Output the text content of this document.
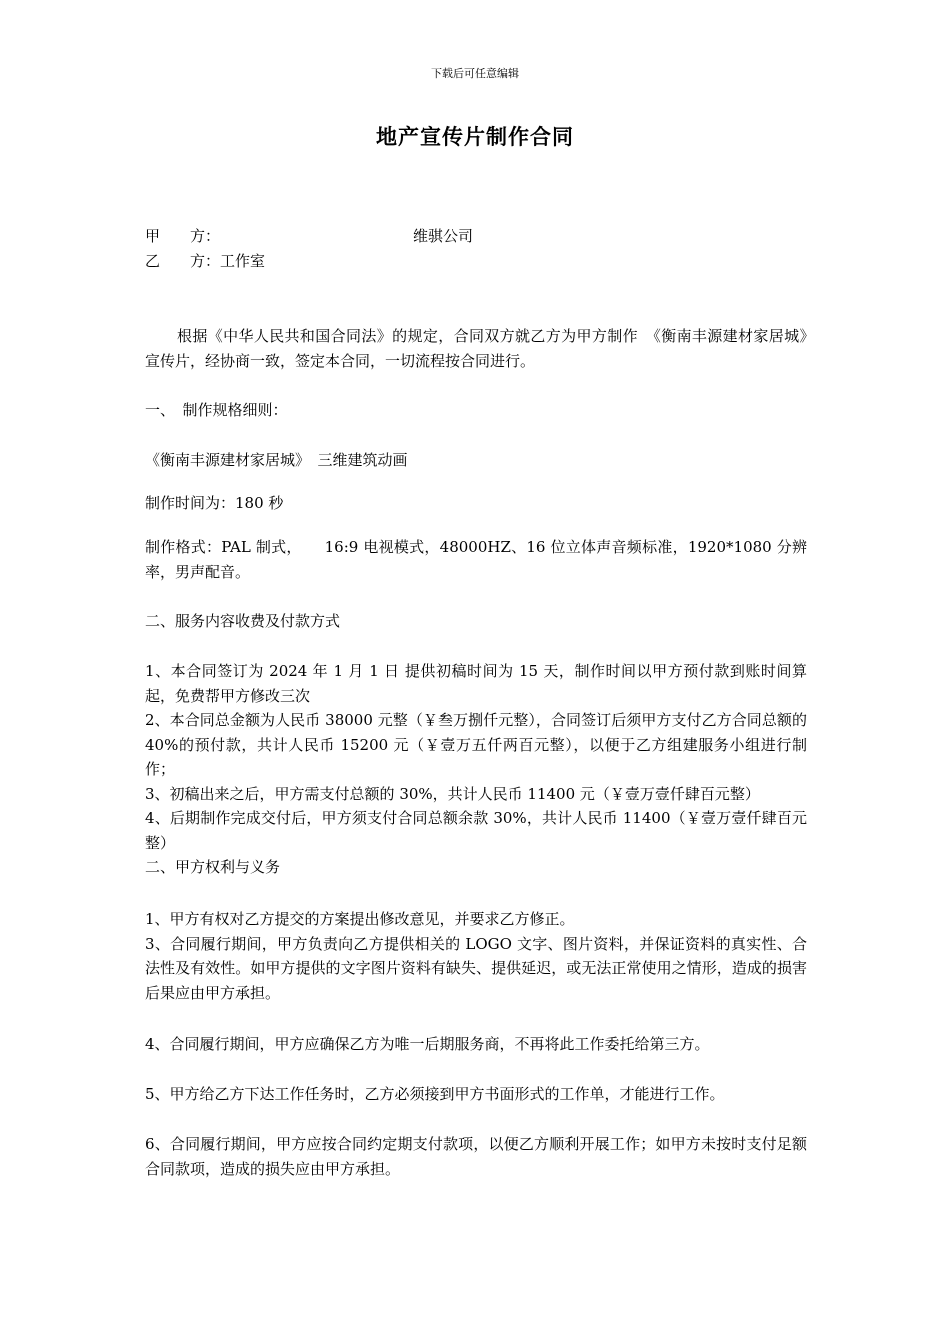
下载后可任意编辑
地产宣传片制作合同
甲　　方：	维骐公司
乙　　方：工作室
根据《中华人民共和国合同法》的规定，合同双方就乙方为甲方制作　《衡南丰源建材家居城》　　　宣传片，经协商一致，签定本合同，一切流程按合同进行。
一、　制作规格细则：
《衡南丰源建材家居城》　三维建筑动画
制作时间为：180 秒
制作格式：PAL 制式，　　16:9 电视模式，48000HZ、16 位立体声音频标准，1920*1080 分辨率，男声配音。
二、服务内容收费及付款方式
1、本合同签订为 2024 年 1 月 1 日 提供初稿时间为 15 天，制作时间以甲方预付款到账时间算起，免费帮甲方修改三次
2、本合同总金额为人民币 38000 元整（￥叁万捌仟元整），合同签订后须甲方支付乙方合同总额的 40%的预付款，共计人民币 15200 元（￥壹万五仟两百元整），以便于乙方组建服务小组进行制作；
3、初稿出来之后，甲方需支付总额的 30%，共计人民币 11400 元（￥壹万壹仟肆百元整）
4、后期制作完成交付后，甲方须支付合同总额余款 30%，共计人民币 11400（￥壹万壹仟肆百元整）
二、甲方权利与义务
1、甲方有权对乙方提交的方案提出修改意见，并要求乙方修正。
3、合同履行期间，甲方负责向乙方提供相关的 LOGO 文字、图片资料，并保证资料的真实性、合法性及有效性。如甲方提供的文字图片资料有缺失、提供延迟，或无法正常使用之情形，造成的损害后果应由甲方承担。
4、合同履行期间，甲方应确保乙方为唯一后期服务商，不再将此工作委托给第三方。
5、甲方给乙方下达工作任务时，乙方必须接到甲方书面形式的工作单，才能进行工作。
6、合同履行期间，甲方应按合同约定期支付款项，以便乙方顺利开展工作；如甲方未按时支付足额合同款项，造成的损失应由甲方承担。
